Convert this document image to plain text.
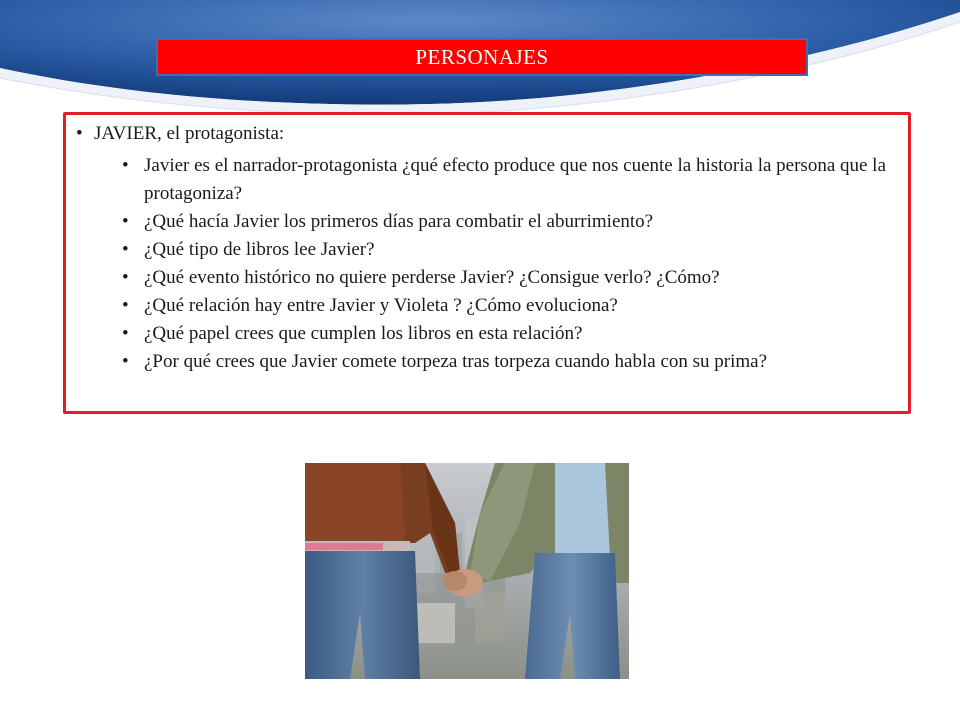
PERSONAJES
• JAVIER, el protagonista:
• Javier es el narrador-protagonista ¿qué efecto produce que nos cuente la historia la persona que la protagoniza?
• ¿Qué hacía Javier los primeros días para combatir el aburrimiento?
• ¿Qué tipo de libros lee Javier?
• ¿Qué evento histórico no quiere perderse Javier? ¿Consigue verlo? ¿Cómo?
• ¿Qué relación hay entre Javier y Violeta ? ¿Cómo evoluciona?
• ¿Qué papel crees que cumplen los libros en esta relación?
• ¿Por qué crees que Javier comete torpeza tras torpeza cuando habla con su prima?
